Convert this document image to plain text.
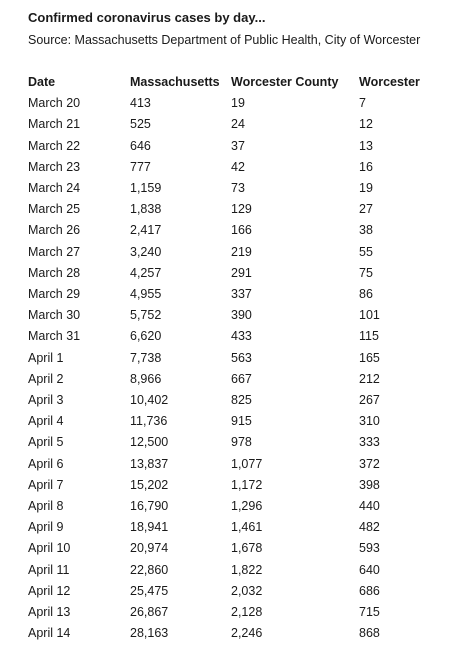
Confirmed coronavirus cases by day...
Source: Massachusetts Department of Public Health, City of Worcester
Date	Massachusetts	Worcester County	Worcester
March 20	413	19	7
March 21	525	24	12
March 22	646	37	13
March 23	777	42	16
March 24	1,159	73	19
March 25	1,838	129	27
March 26	2,417	166	38
March 27	3,240	219	55
March 28	4,257	291	75
March 29	4,955	337	86
March 30	5,752	390	101
March 31	6,620	433	115
April 1	7,738	563	165
April 2	8,966	667	212
April 3	10,402	825	267
April 4	11,736	915	310
April 5	12,500	978	333
April 6	13,837	1,077	372
April 7	15,202	1,172	398
April 8	16,790	1,296	440
April 9	18,941	1,461	482
April 10	20,974	1,678	593
April 11	22,860	1,822	640
April 12	25,475	2,032	686
April 13	26,867	2,128	715
April 14	28,163	2,246	868
